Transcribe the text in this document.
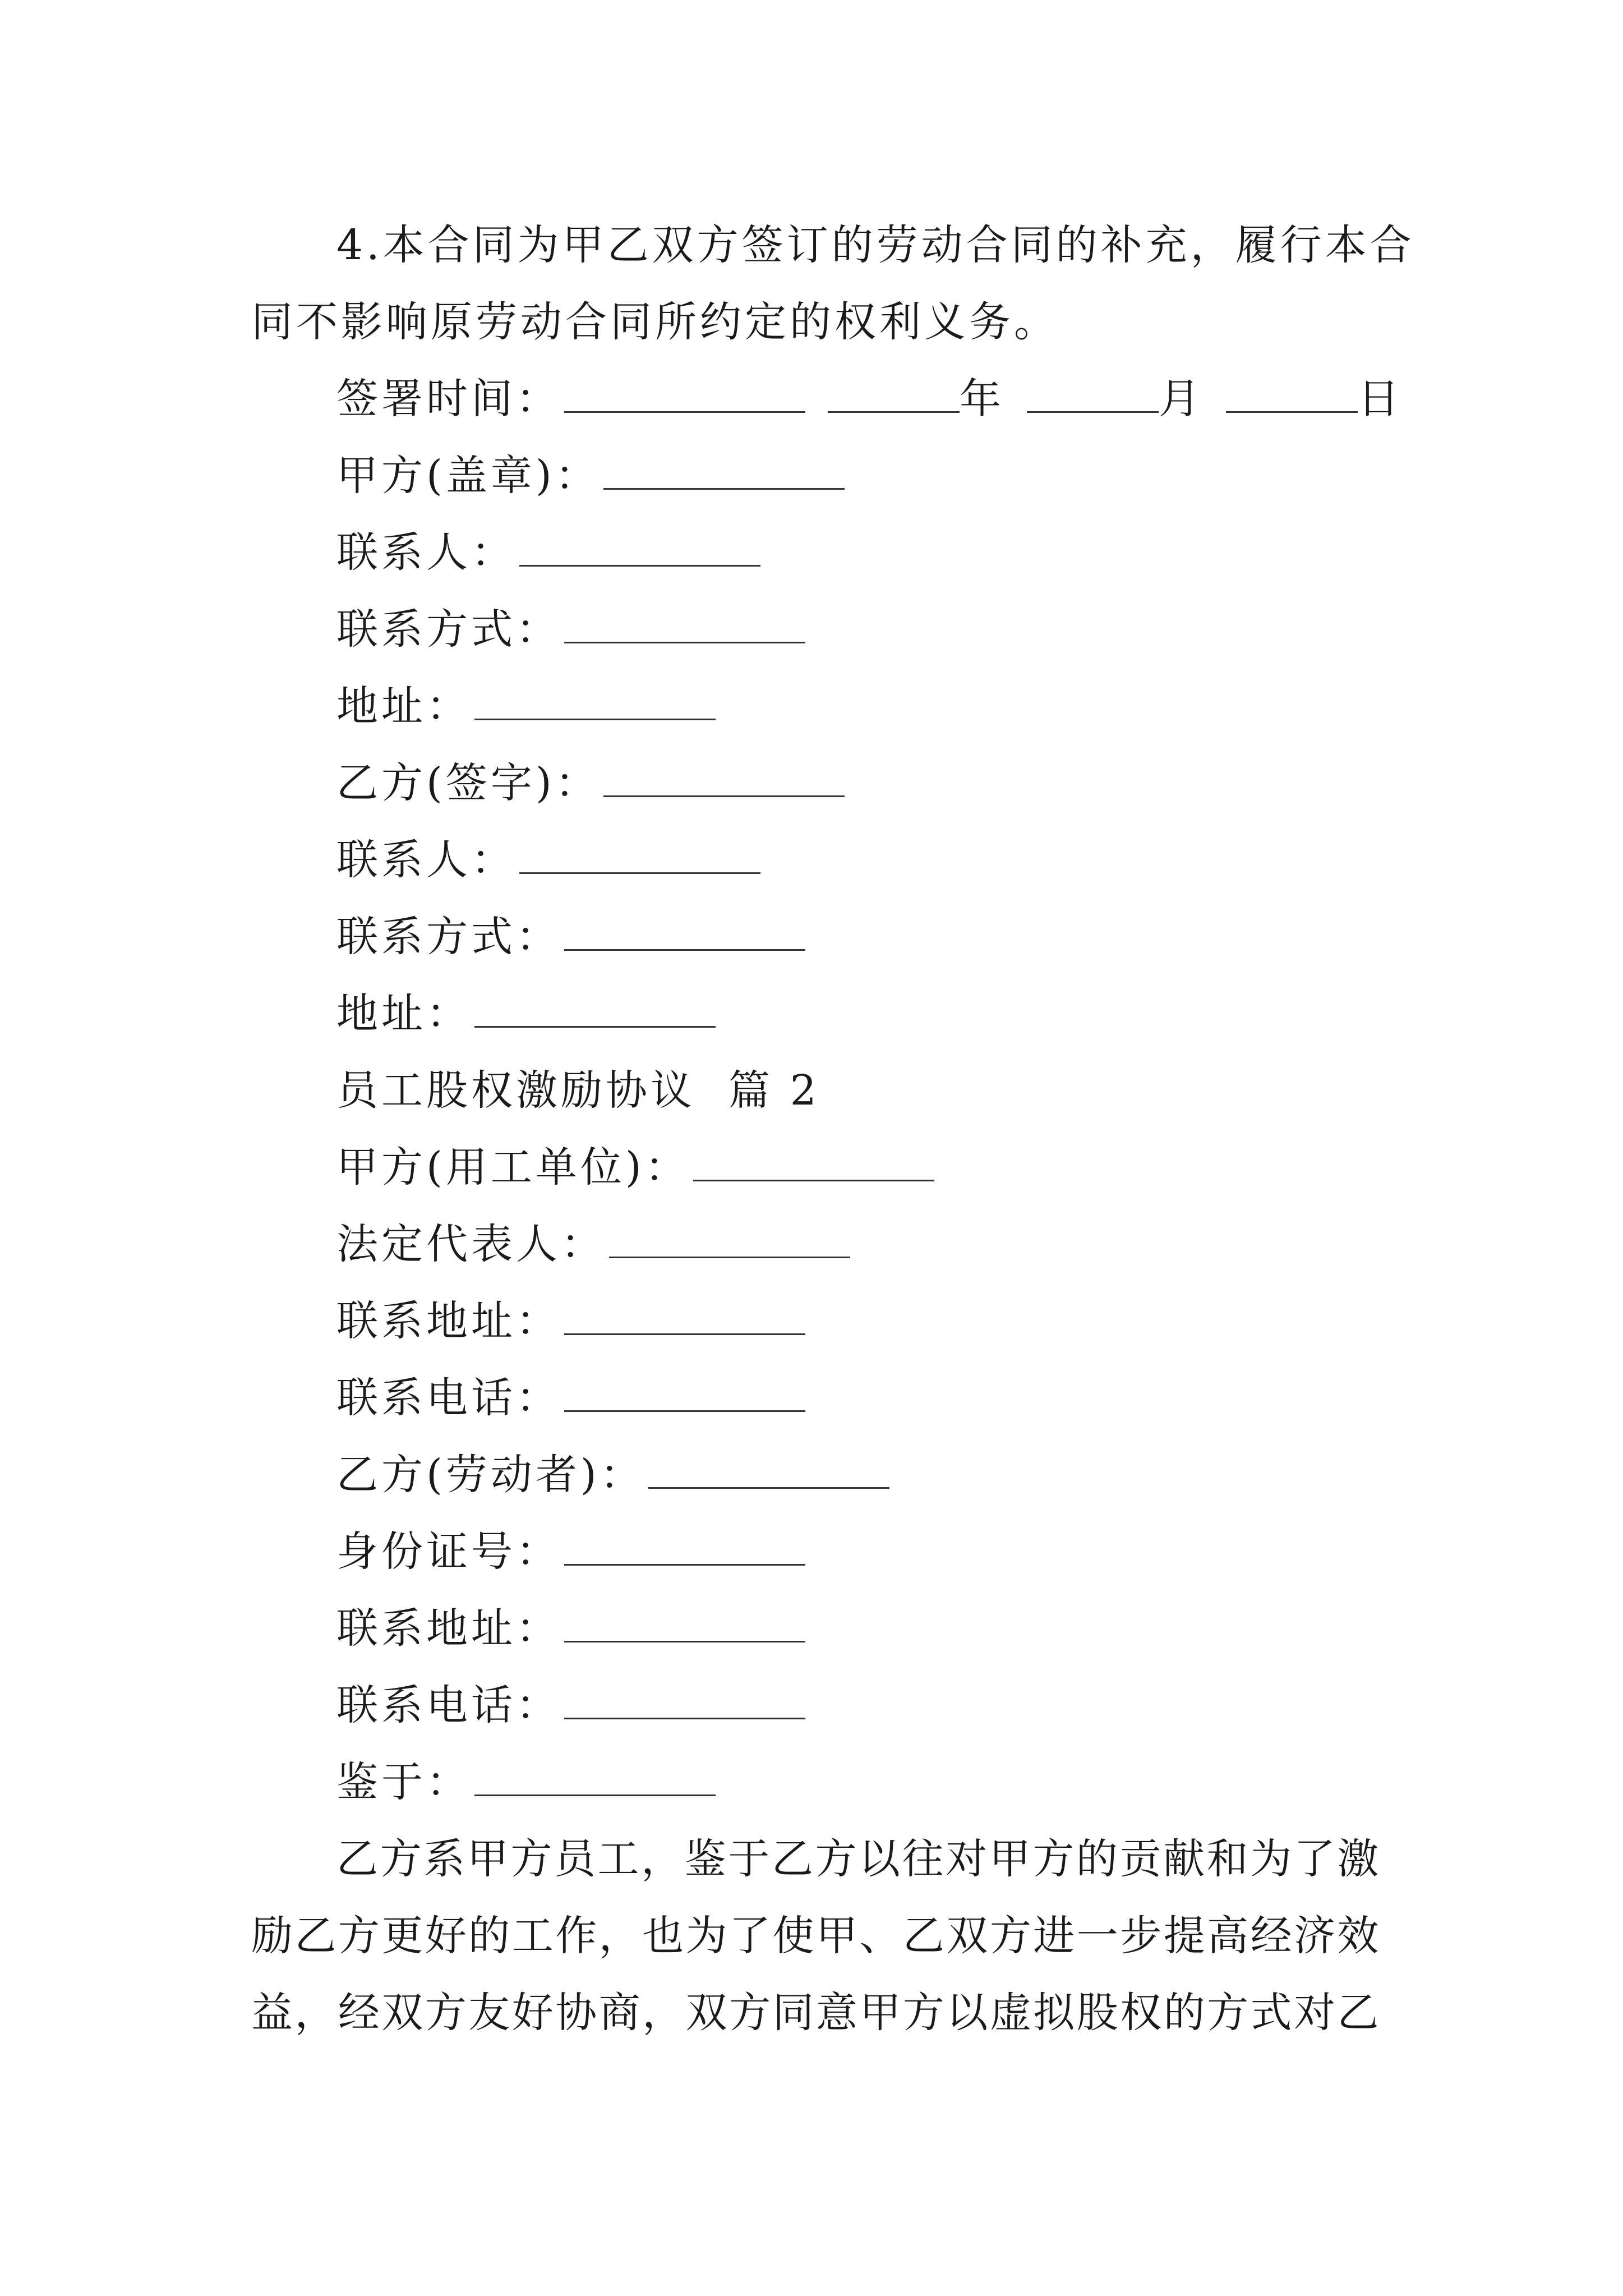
4.本合同为甲乙双方签订的劳动合同的补充，履行本合
同不影响原劳动合同所约定的权利义务。
签署时间：	年	月	日
甲方(盖章)：
联系人：
联系方式：
地址：
乙方(签字)：
联系人：
联系方式：
地址：
员工股权激励协议  篇 2
甲方(用工单位)：
法定代表人：
联系地址：
联系电话：
乙方(劳动者)：
身份证号：
联系地址：
联系电话：
鉴于：
乙方系甲方员工，鉴于乙方以往对甲方的贡献和为了激
励乙方更好的工作，也为了使甲、乙双方进一步提高经济效
益，经双方友好协商，双方同意甲方以虚拟股权的方式对乙
